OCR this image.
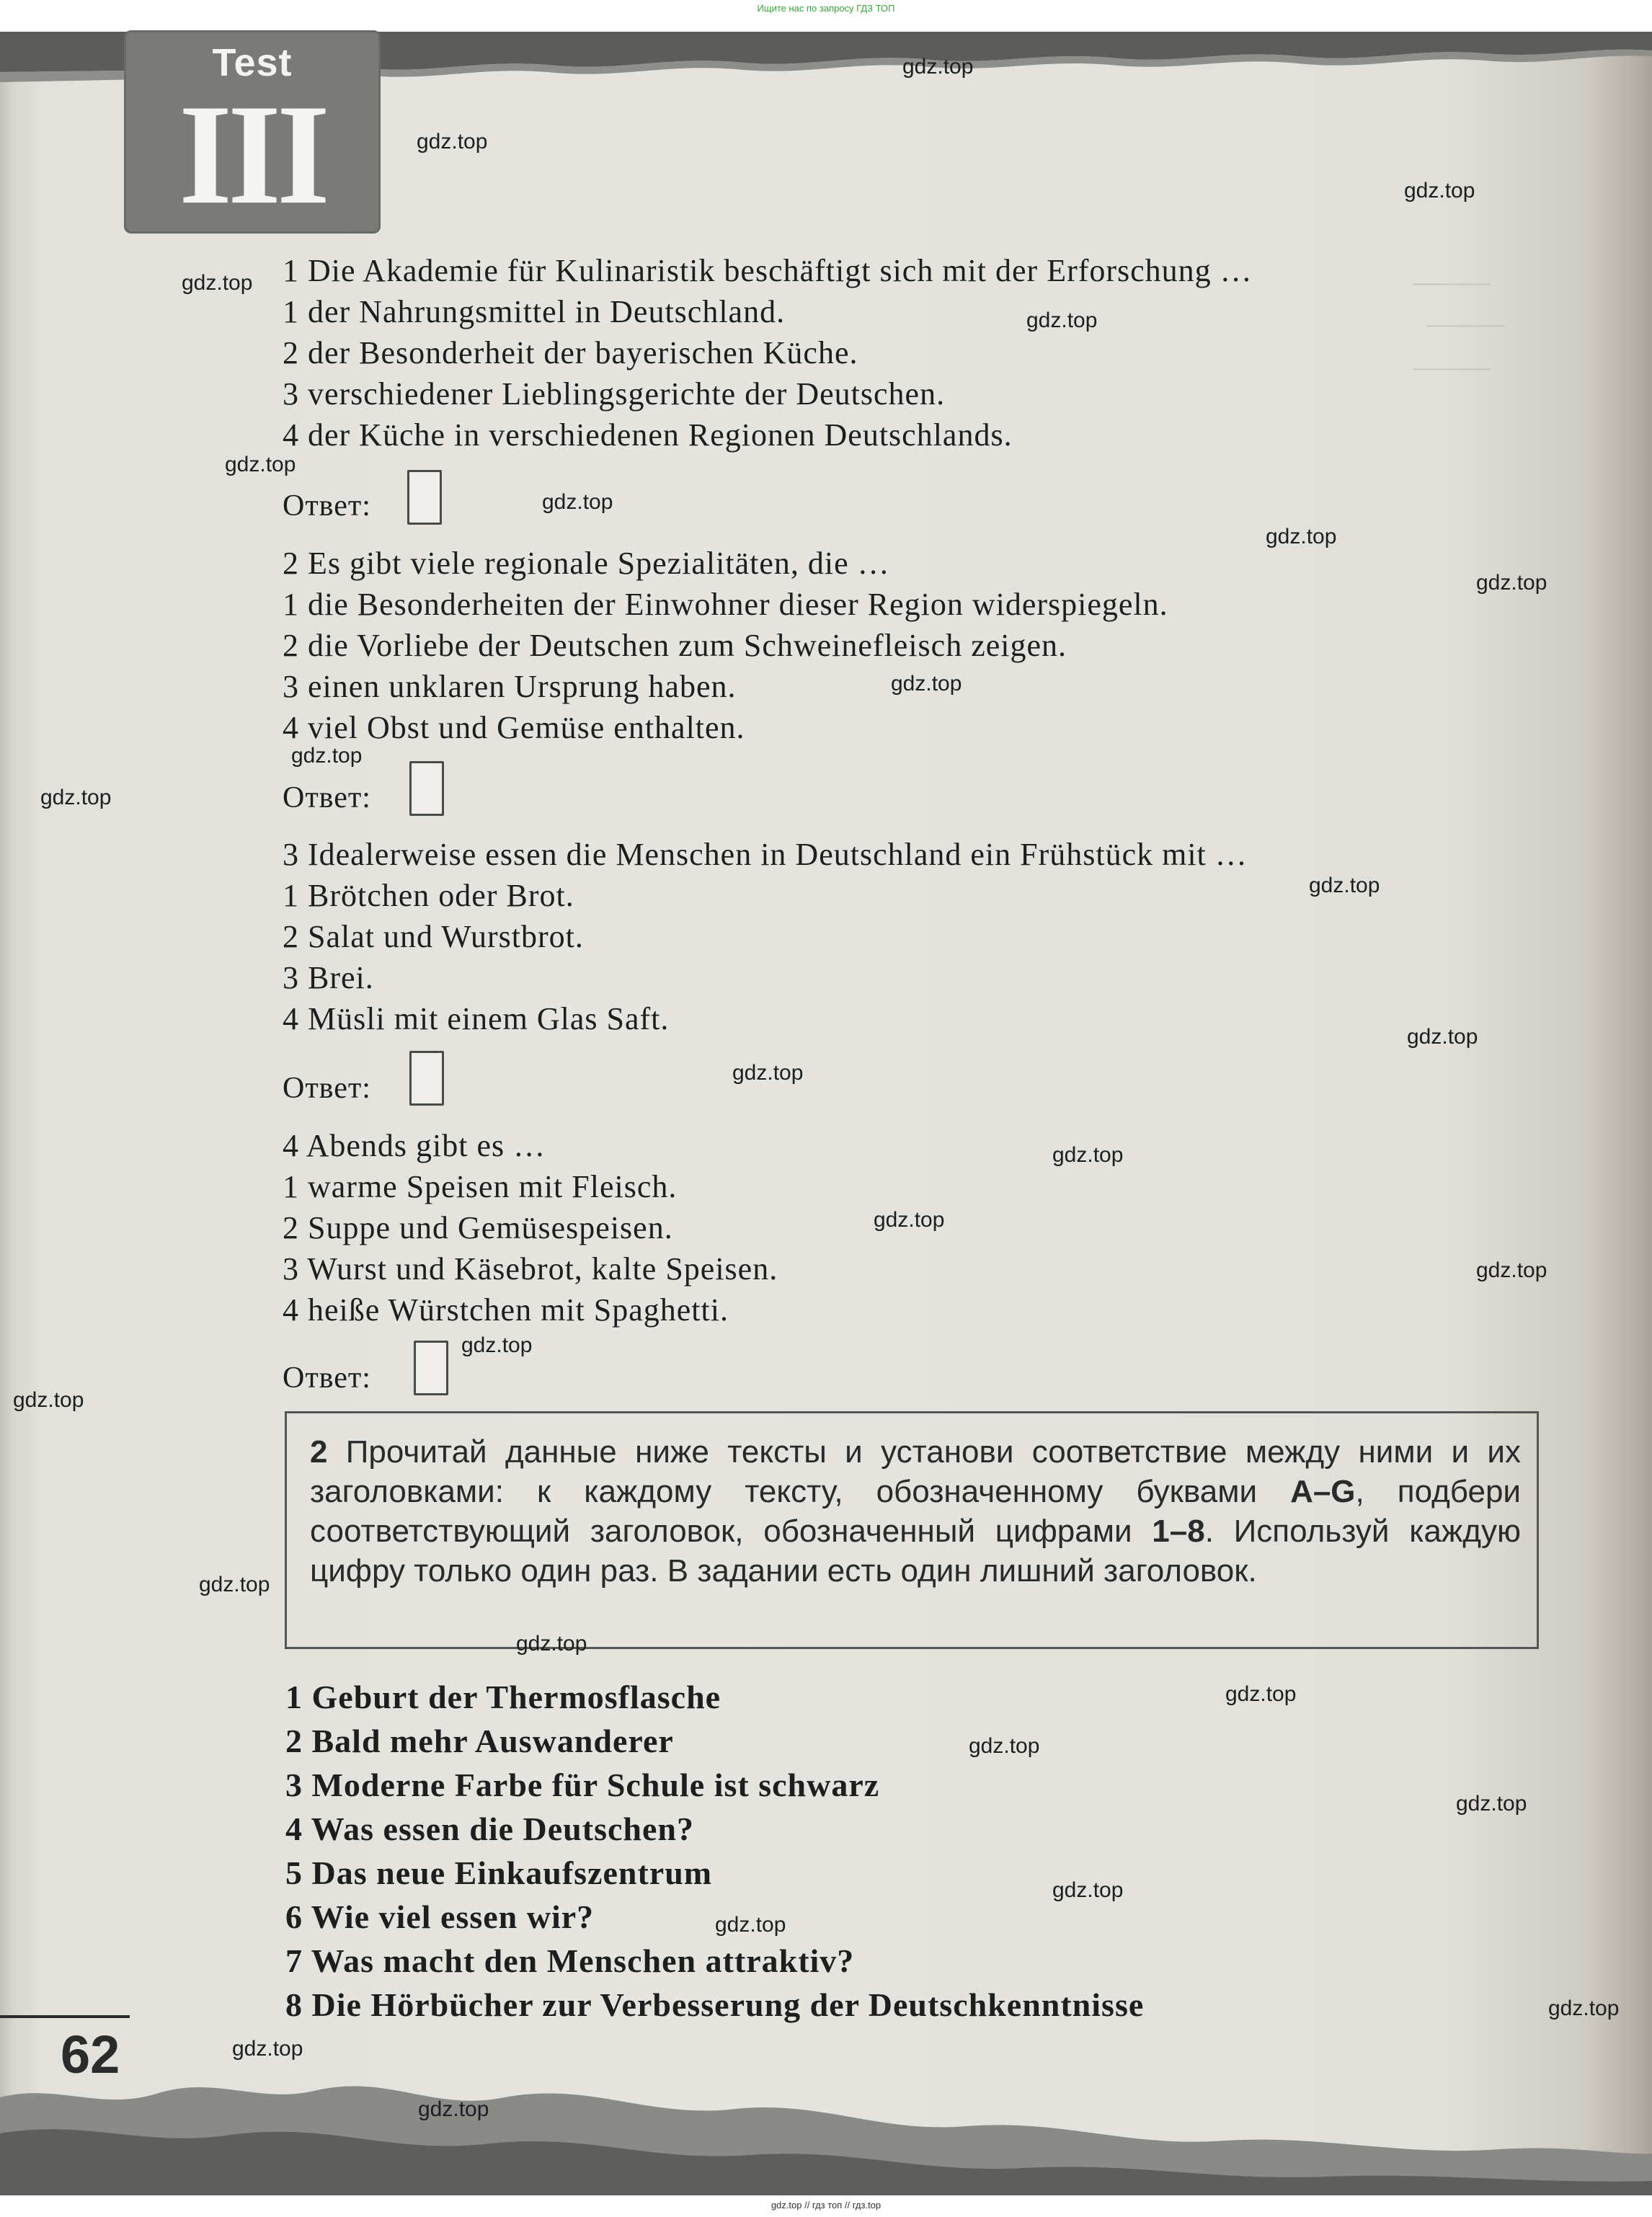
_____
_____
_____
Ищите нас по запросу ГДЗ ТОП
Test
III
1 Die Akademie für Kulinaristik beschäftigt sich mit der Erforschung …
1 der Nahrungsmittel in Deutschland.
2 der Besonderheit der bayerischen Küche.
3 verschiedener Lieblingsgerichte der Deutschen.
4 der Küche in verschiedenen Regionen Deutschlands.
Ответ:
2 Es gibt viele regionale Spezialitäten, die …
1 die Besonderheiten der Einwohner dieser Region widerspiegeln.
2 die Vorliebe der Deutschen zum Schweinefleisch zeigen.
3 einen unklaren Ursprung haben.
4 viel Obst und Gemüse enthalten.
Ответ:
3 Idealerweise essen die Menschen in Deutschland ein Frühstück mit …
1 Brötchen oder Brot.
2 Salat und Wurstbrot.
3 Brei.
4 Müsli mit einem Glas Saft.
Ответ:
4 Abends gibt es …
1 warme Speisen mit Fleisch.
2 Suppe und Gemüsespeisen.
3 Wurst und Käsebrot, kalte Speisen.
4 heiße Würstchen mit Spaghetti.
Ответ:
2 Прочитай данные ниже тексты и установи соответствие между ними и их заголовками: к каждому тексту, обозначенному буквами A–G, подбери соответствующий заголовок, обозначенный цифрами 1–8. Используй каждую цифру только один раз. В задании есть один лишний заголовок.
1 Geburt der Thermosflasche
2 Bald mehr Auswanderer
3 Moderne Farbe für Schule ist schwarz
4 Was essen die Deutschen?
5 Das neue Einkaufszentrum
6 Wie viel essen wir?
7 Was macht den Menschen attraktiv?
8 Die Hörbücher zur Verbesserung der Deutschkenntnisse
62
gdz.top
gdz.top
gdz.top
gdz.top
gdz.top
gdz.top
gdz.top
gdz.top
gdz.top
gdz.top
gdz.top
gdz.top
gdz.top
gdz.top
gdz.top
gdz.top
gdz.top
gdz.top
gdz.top
gdz.top
gdz.top
gdz.top
gdz.top
gdz.top
gdz.top
gdz.top
gdz.top
gdz.top
gdz.top
gdz.top
gdz.top // гдз топ // гдз.top
